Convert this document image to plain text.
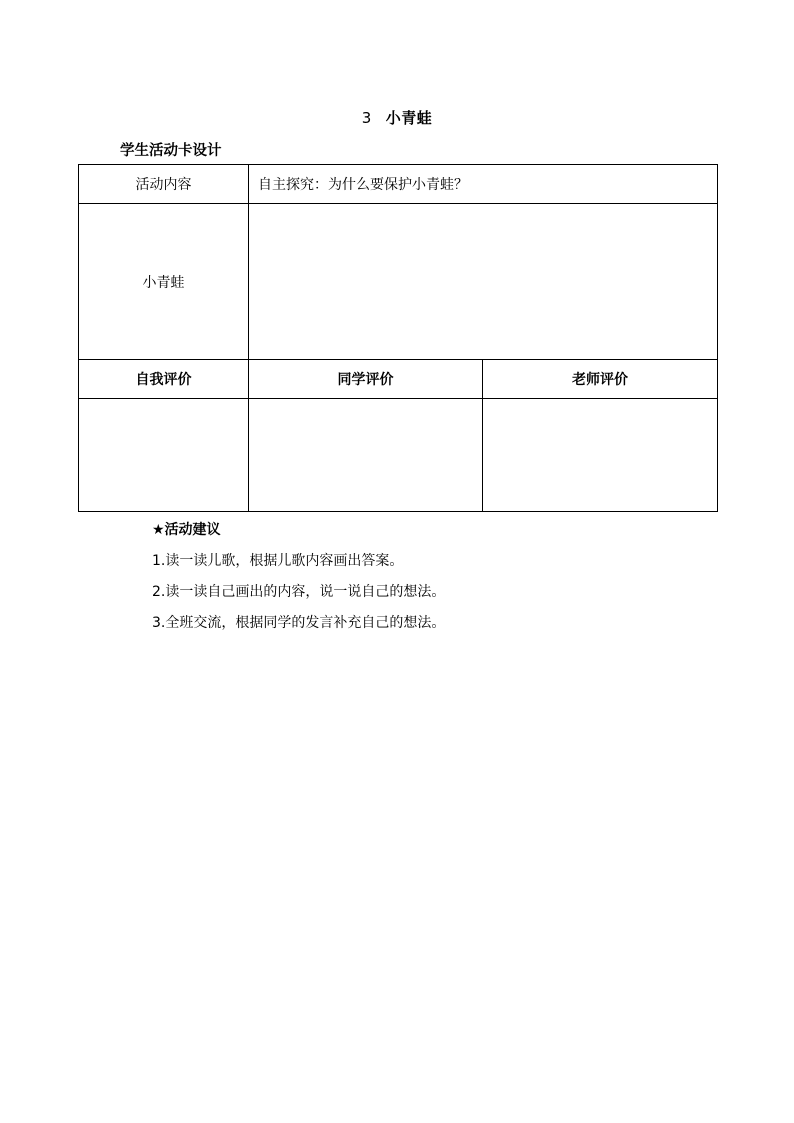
3 小青蛙
学生活动卡设计
活动内容	自主探究：为什么要保护小青蛙？	
小青蛙		
自我评价	同学评价	老师评价

★活动建议
1.读一读儿歌，根据儿歌内容画出答案。
2.读一读自己画出的内容，说一说自己的想法。
3.全班交流，根据同学的发言补充自己的想法。
